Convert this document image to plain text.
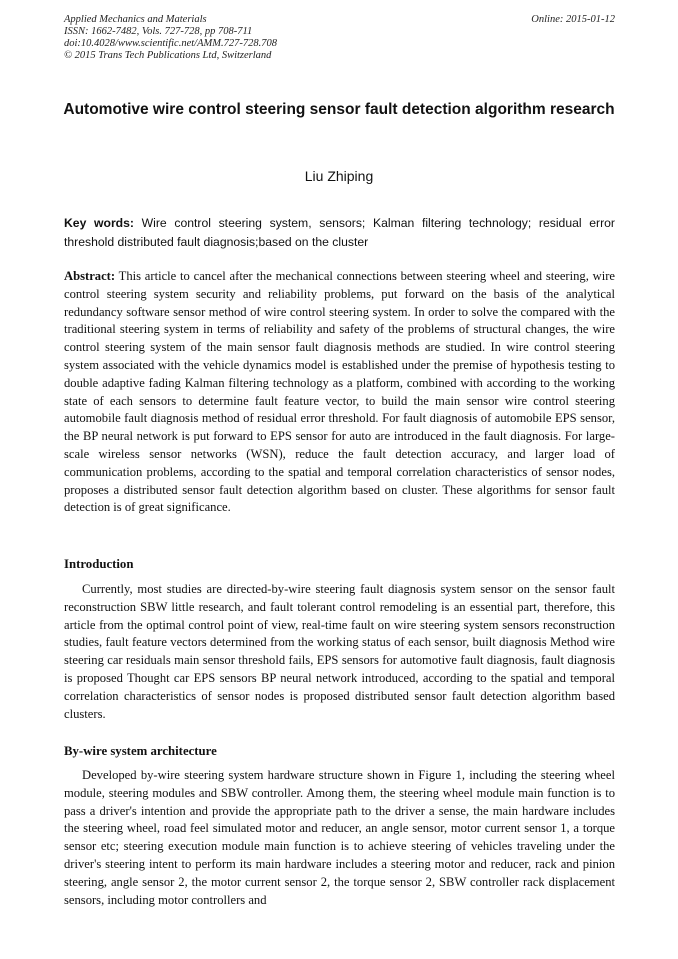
Applied Mechanics and Materials
ISSN: 1662-7482, Vols. 727-728, pp 708-711
doi:10.4028/www.scientific.net/AMM.727-728.708
© 2015 Trans Tech Publications Ltd, Switzerland
Online: 2015-01-12
Automotive wire control steering sensor fault detection algorithm research
Liu Zhiping
Key words: Wire control steering system, sensors; Kalman filtering technology; residual error threshold distributed fault diagnosis;based on the cluster
Abstract: This article to cancel after the mechanical connections between steering wheel and steering, wire control steering system security and reliability problems, put forward on the basis of the analytical redundancy software sensor method of wire control steering system. In order to solve the compared with the traditional steering system in terms of reliability and safety of the problems of structural changes, the wire control steering system of the main sensor fault diagnosis methods are studied. In wire control steering system associated with the vehicle dynamics model is established under the premise of hypothesis testing to double adaptive fading Kalman filtering technology as a platform, combined with according to the working state of each sensors to determine fault feature vector, to build the main sensor wire control steering automobile fault diagnosis method of residual error threshold. For fault diagnosis of automobile EPS sensor, the BP neural network is put forward to EPS sensor for auto are introduced in the fault diagnosis. For large-scale wireless sensor networks (WSN), reduce the fault detection accuracy, and larger load of communication problems, according to the spatial and temporal correlation characteristics of sensor nodes, proposes a distributed sensor fault detection algorithm based on cluster. These algorithms for sensor fault detection is of great significance.
Introduction
Currently, most studies are directed-by-wire steering fault diagnosis system sensor on the sensor fault reconstruction SBW little research, and fault tolerant control remodeling is an essential part, therefore, this article from the optimal control point of view, real-time fault on wire steering system sensors reconstruction studies, fault feature vectors determined from the working status of each sensor, built diagnosis Method wire steering car residuals main sensor threshold fails, EPS sensors for automotive fault diagnosis, fault diagnosis is proposed Thought car EPS sensors BP neural network introduced, according to the spatial and temporal correlation characteristics of sensor nodes is proposed distributed sensor fault detection algorithm based clusters.
By-wire system architecture
Developed by-wire steering system hardware structure shown in Figure 1, including the steering wheel module, steering modules and SBW controller. Among them, the steering wheel module main function is to pass a driver's intention and provide the appropriate path to the driver a sense, the main hardware includes the steering wheel, road feel simulated motor and reducer, an angle sensor, motor current sensor 1, a torque sensor etc; steering execution module main function is to achieve steering of vehicles traveling under the driver's steering intent to perform its main hardware includes a steering motor and reducer, rack and pinion steering, angle sensor 2, the motor current sensor 2, the torque sensor 2, SBW controller rack displacement sensors, including motor controllers and
